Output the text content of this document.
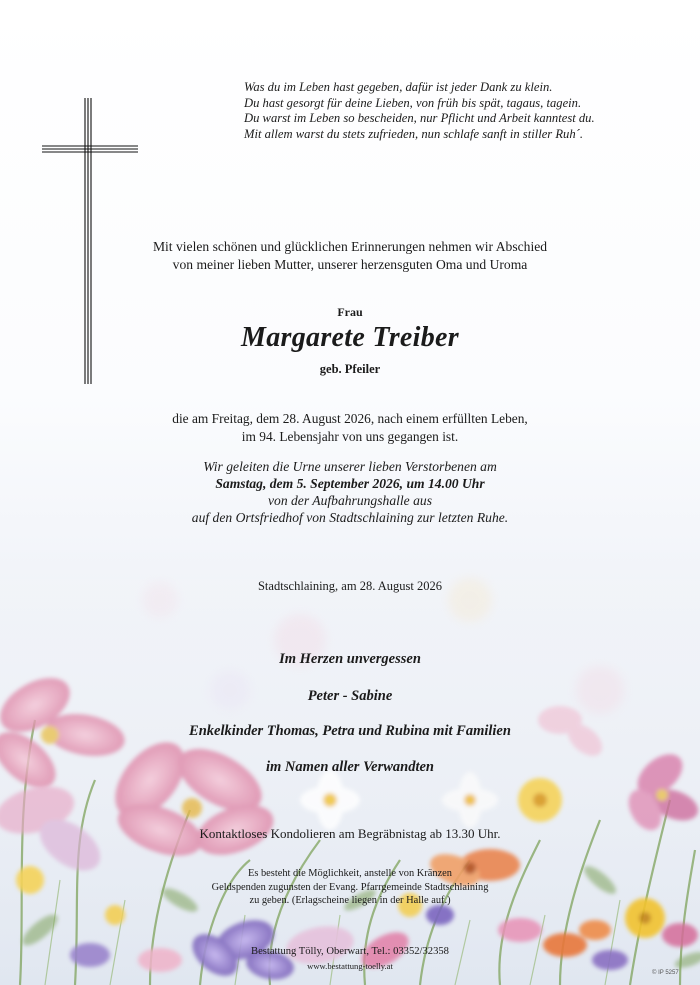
Was du im Leben hast gegeben, dafür ist jeder Dank zu klein.
Du hast gesorgt für deine Lieben, von früh bis spät, tagaus, tagein.
Du warst im Leben so bescheiden, nur Pflicht und Arbeit kanntest du.
Mit allem warst du stets zufrieden, nun schlafe sanft in stiller Ruh´.
Mit vielen schönen und glücklichen Erinnerungen nehmen wir Abschied
von meiner lieben Mutter, unserer herzensguten Oma und Uroma
Frau
Margarete Treiber
geb. Pfeiler
die am Freitag, dem 28. August 2026, nach einem erfüllten Leben,
im 94. Lebensjahr von uns gegangen ist.
Wir geleiten die Urne unserer lieben Verstorbenen am
Samstag, dem 5. September 2026, um 14.00 Uhr
von der Aufbahrungshalle aus
auf den Ortsfriedhof von Stadtschlaining zur letzten Ruhe.
Stadtschlaining, am 28. August 2026
Im Herzen unvergessen
Peter - Sabine
Enkelkinder Thomas, Petra und Rubina mit Familien
im Namen aller Verwandten
Kontaktloses Kondolieren am Begräbnistag ab 13.30 Uhr.
Es besteht die Möglichkeit, anstelle von Kränzen
Geldspenden zugunsten der Evang. Pfarrgemeinde Stadtschlaining
zu geben. (Erlagscheine liegen in der Halle auf.)
Bestattung Tölly, Oberwart, Tel.: 03352/32358
www.bestattung-toelly.at
© IP 5257
